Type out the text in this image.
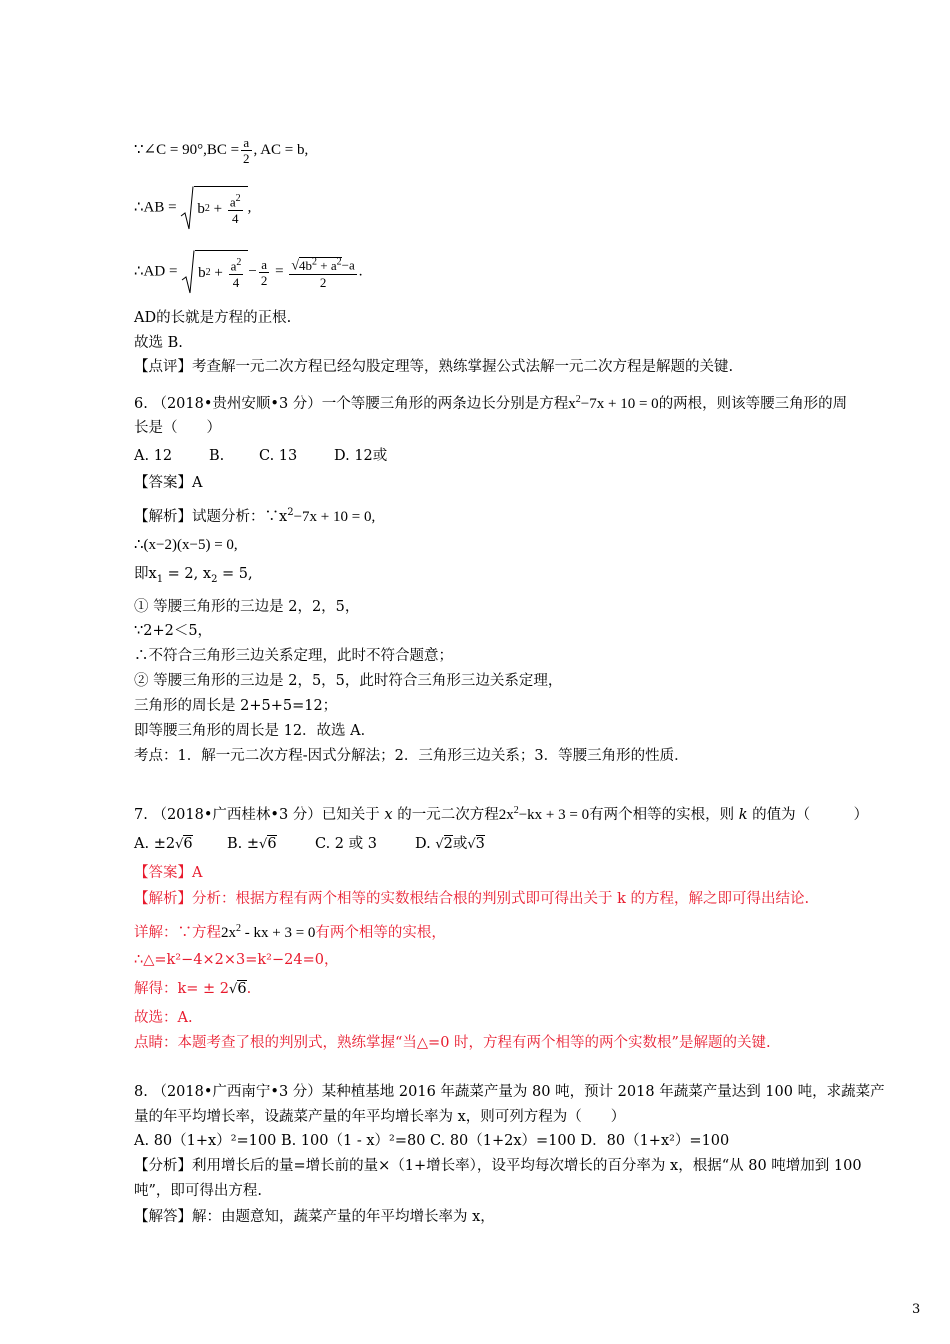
∵∠C = $90^\circ,BC = \frac{a}{2}$ , AC = b,
∴AB = b 2
+
$\frac{a^2}{4}$ ,
∴AD = b 2
+
$\frac{a^2}{4} - \frac{a}{2} = \frac{√4b^2 + a^2-a}{2}$ .
AD的长就是方程的正根.
故选 B.
【点评】考查解一元二次方程已经勾股定理等，熟练掌握公式法解一元二次方程是解题的关键.
6. （2018•贵州安顺•3 分）一个等腰三角形的两条边长分别是方程$x^2-7x + 10 = 0$的两根，则该等腰三角形的周
长是（　　）
A. 12	B. C. 13	D. 12或
【答案】A
【解析】试题分析：$\because x^2-7x + 10 = 0$,
∴(x−2)(x−5) = 0,
即$x_1 = 2$, $x_2 = 5$,
① 等腰三角形的三边是 2，2，5，
∵2+2＜5，
∴不符合三角形三边关系定理，此时不符合题意；
② 等腰三角形的三边是 2，5，5，此时符合三角形三边关系定理，
三角形的周长是 2+5+5=12；
即等腰三角形的周长是 12．故选 A．
考点：1．解一元二次方程-因式分解法；2．三角形三边关系；3．等腰三角形的性质．
7. （2018•广西桂林•3 分）已知关于 x 的一元二次方程$2x^2-kx + 3 = 0$有两个相等的实根，则 k 的值为（　　　）
A. ±2√6 B. ±√6	C. 2 或 3	D. √2或√3
【答案】A
【解析】分析：根据方程有两个相等的实数根结合根的判别式即可得出关于 k 的方程，解之即可得出结论.
详解：∵方程$2x^2$ - kx + 3 = 0有两个相等的实根，
∴△=k²−4×2×3=k²−24=0，
解得：k= ± 2√6.
故选：A.
点睛：本题考查了根的判别式，熟练掌握“当△=0 时，方程有两个相等的两个实数根”是解题的关键.
8. （2018•广西南宁•3 分）某种植基地 2016 年蔬菜产量为 80 吨，预计 2018 年蔬菜产量达到 100 吨，求蔬菜产
量的年平均增长率，设蔬菜产量的年平均增长率为 x，则可列方程为（　　）
A. 80（1+x）²=100 B. 100（1 - x）²=80 C. 80（1+2x）=100 D．80（1+x²）=100
【分析】利用增长后的量=增长前的量×（1+增长率），设平均每次增长的百分率为 x，根据“从 80 吨增加到 100
吨”，即可得出方程.
【解答】解：由题意知，蔬菜产量的年平均增长率为 x，
3
